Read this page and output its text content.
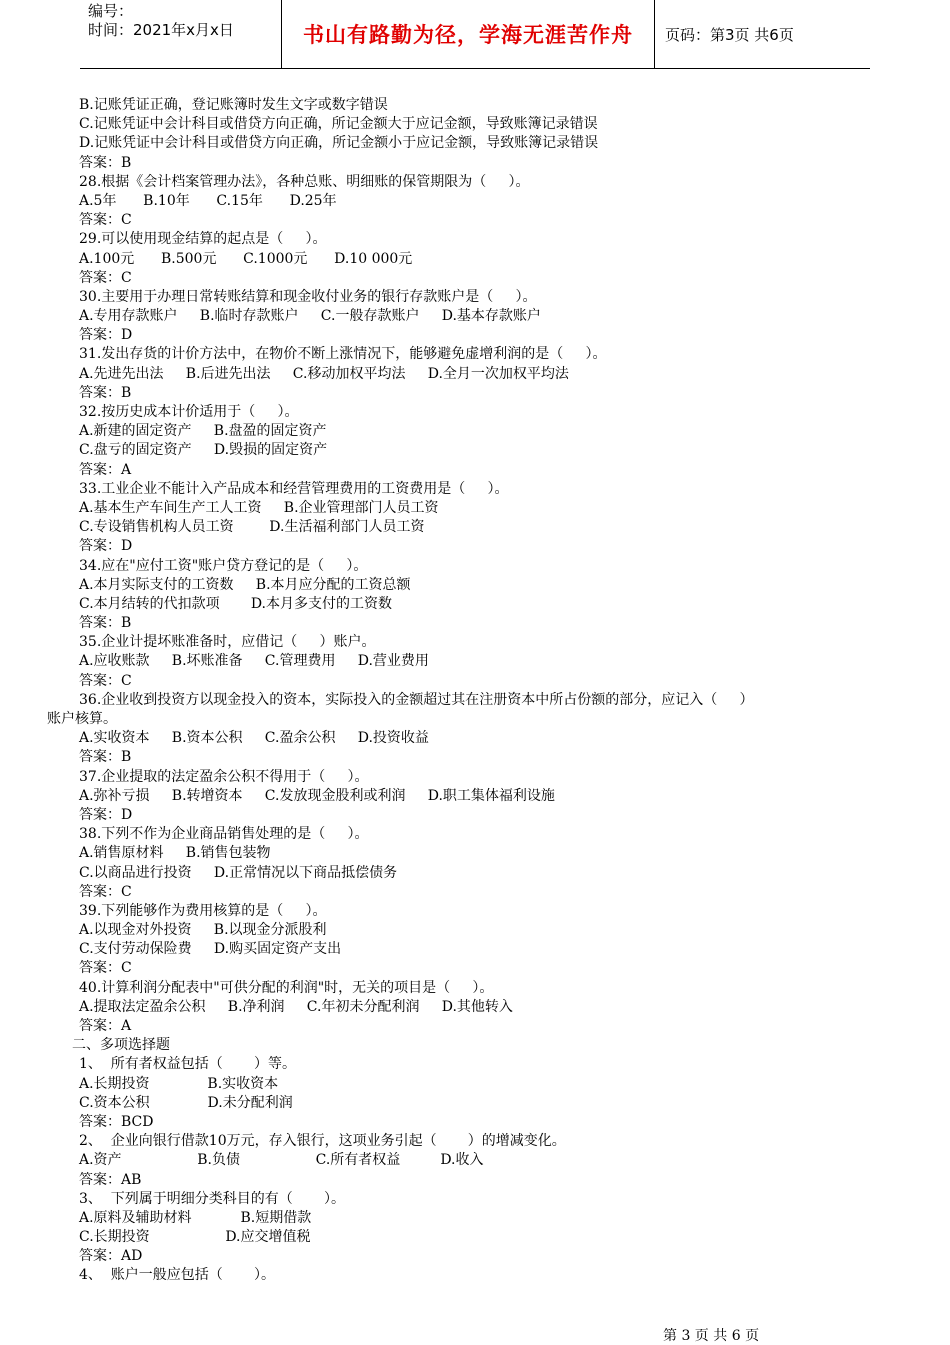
编号：
时间：2021年x月x日	书山有路勤为径，学海无涯苦作舟	页码：第3页 共6页
B.记账凭证正确，登记账簿时发生文字或数字错误
C.记账凭证中会计科目或借贷方向正确，所记金额大于应记金额，导致账簿记录错误
D.记账凭证中会计科目或借贷方向正确，所记金额小于应记金额，导致账簿记录错误
答案：B
28.根据《会计档案管理办法》，各种总账、明细账的保管期限为（     ）。
A.5年      B.10年      C.15年      D.25年
答案：C
29.可以使用现金结算的起点是（     ）。
A.100元      B.500元      C.1000元      D.10 000元
答案：C
30.主要用于办理日常转账结算和现金收付业务的银行存款账户是（     ）。
A.专用存款账户     B.临时存款账户     C.一般存款账户     D.基本存款账户
答案：D
31.发出存货的计价方法中，在物价不断上涨情况下，能够避免虚增利润的是（     ）。
A.先进先出法     B.后进先出法     C.移动加权平均法     D.全月一次加权平均法
答案：B
32.按历史成本计价适用于（     ）。
A.新建的固定资产     B.盘盈的固定资产
C.盘亏的固定资产     D.毁损的固定资产
答案：A
33.工业企业不能计入产品成本和经营管理费用的工资费用是（     ）。
A.基本生产车间生产工人工资     B.企业管理部门人员工资
C.专设销售机构人员工资        D.生活福利部门人员工资
答案：D
34.应在"应付工资"账户贷方登记的是（     ）。
A.本月实际支付的工资数     B.本月应分配的工资总额
C.本月结转的代扣款项       D.本月多支付的工资数
答案：B
35.企业计提坏账准备时，应借记（     ）账户。
A.应收账款     B.坏账准备     C.管理费用     D.营业费用
答案：C
36.企业收到投资方以现金投入的资本，实际投入的金额超过其在注册资本中所占份额的部分，应记入（     ）
账户核算。
A.实收资本     B.资本公积     C.盈余公积     D.投资收益
答案：B
37.企业提取的法定盈余公积不得用于（     ）。
A.弥补亏损     B.转增资本     C.发放现金股利或利润     D.职工集体福利设施
答案：D
38.下列不作为企业商品销售处理的是（     ）。
A.销售原材料     B.销售包装物
C.以商品进行投资     D.正常情况以下商品抵偿债务
答案：C
39.下列能够作为费用核算的是（     ）。
A.以现金对外投资     B.以现金分派股利
C.支付劳动保险费     D.购买固定资产支出
答案：C
40.计算利润分配表中"可供分配的利润"时，无关的项目是（     ）。
A.提取法定盈余公积     B.净利润     C.年初未分配利润     D.其他转入
答案：A
二、多项选择题
1、  所有者权益包括（       ）等。
A.长期投资             B.实收资本
C.资本公积             D.未分配利润
答案：BCD
2、  企业向银行借款10万元，存入银行，这项业务引起（       ）的增减变化。
A.资产                 B.负债                 C.所有者权益         D.收入
答案：AB
3、  下列属于明细分类科目的有（       ）。
A.原料及辅助材料           B.短期借款
C.长期投资                 D.应交增值税
答案：AD
4、  账户一般应包括（       ）。
第 3 页 共 6 页
